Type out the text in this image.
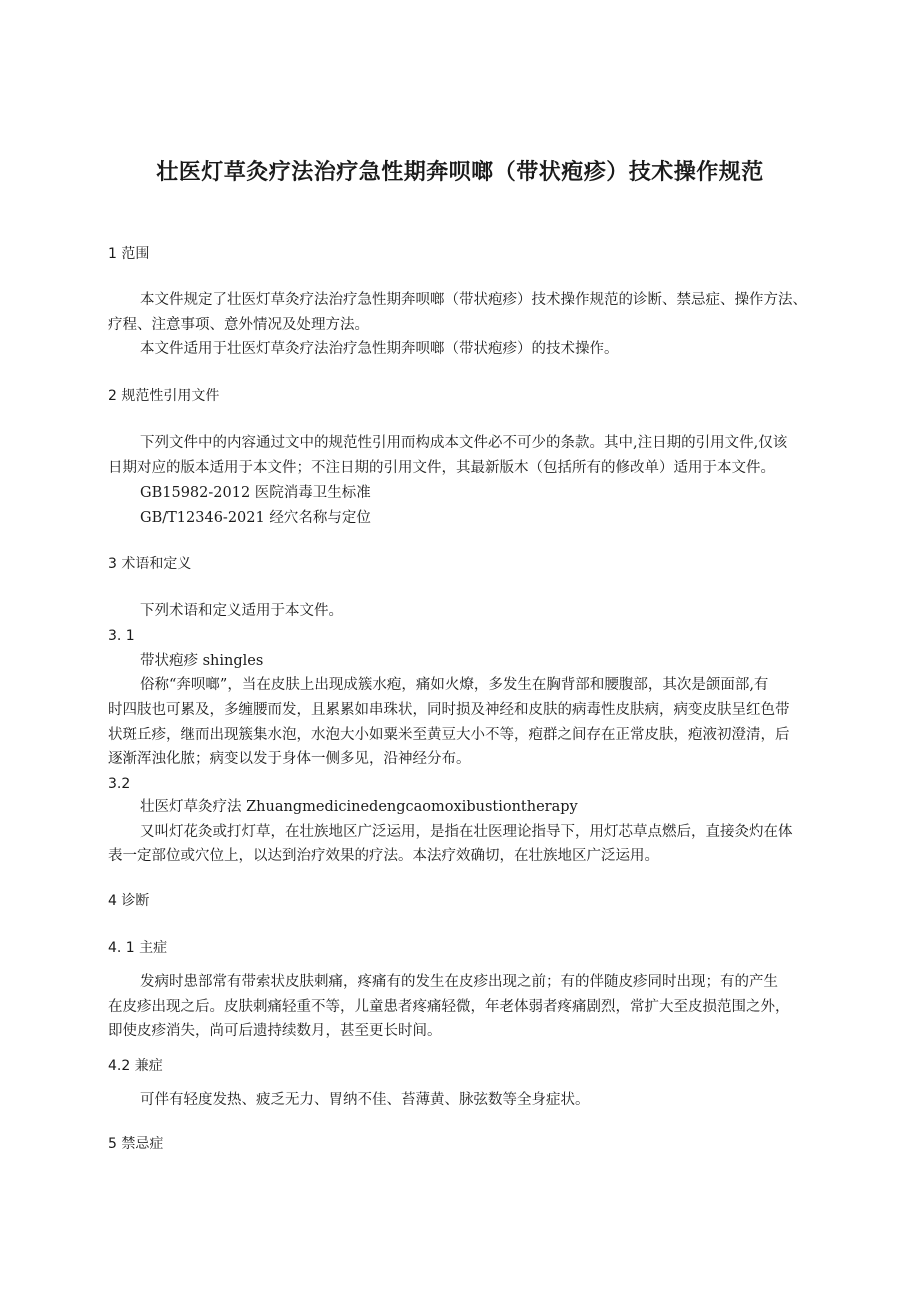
壮医灯草灸疗法治疗急性期奔呗啷（带状疱疹）技术操作规范
1 范围
本文件规定了壮医灯草灸疗法治疗急性期奔呗啷（带状疱疹）技术操作规范的诊断、禁忌症、操作方法、
疗程、注意事项、意外情况及处理方法。
本文件适用于壮医灯草灸疗法治疗急性期奔呗啷（带状疱疹）的技术操作。
2 规范性引用文件
下列文件中的内容通过文中的规范性引用而构成本文件必不可少的条款。其中,注日期的引用文件,仅该
日期对应的版本适用于本文件；不注日期的引用文件，其最新版木（包括所有的修改单）适用于本文件。
GB15982-2012 医院消毒卫生标准
GB/T12346-2021 经穴名称与定位
3 术语和定义
下列术语和定义适用于本文件。
3. 1
带状疱疹 shingles
俗称“奔呗啷”，当在皮肤上出现成簇水疱，痛如火燎，多发生在胸背部和腰腹部，其次是颌面部,有
时四肢也可累及，多缠腰而发，且累累如串珠状，同时损及神经和皮肤的病毒性皮肤病，病变皮肤呈红色带
状斑丘疹，继而出现簇集水泡，水泡大小如粟米至黄豆大小不等，疱群之间存在正常皮肤，疱液初澄清，后
逐渐浑浊化脓；病变以发于身体一侧多见，沿神经分布。
3.2
壮医灯草灸疗法 Zhuangmedicinedengcaomoxibustiontherapy
又叫灯花灸或打灯草，在壮族地区广泛运用，是指在壮医理论指导下，用灯芯草点燃后，直接灸灼在体
表一定部位或穴位上，以达到治疗效果的疗法。本法疗效确切，在壮族地区广泛运用。
4 诊断
4. 1 主症
发病时患部常有带索状皮肤刺痛，疼痛有的发生在皮疹出现之前；有的伴随皮疹同时出现；有的产生
在皮疹出现之后。皮肤刺痛轻重不等，儿童患者疼痛轻微，年老体弱者疼痛剧烈，常扩大至皮损范围之外，
即使皮疹消失，尚可后遗持续数月，甚至更长时间。
4.2 兼症
可伴有轻度发热、疲乏无力、胃纳不佳、苔薄黄、脉弦数等全身症状。
5 禁忌症
